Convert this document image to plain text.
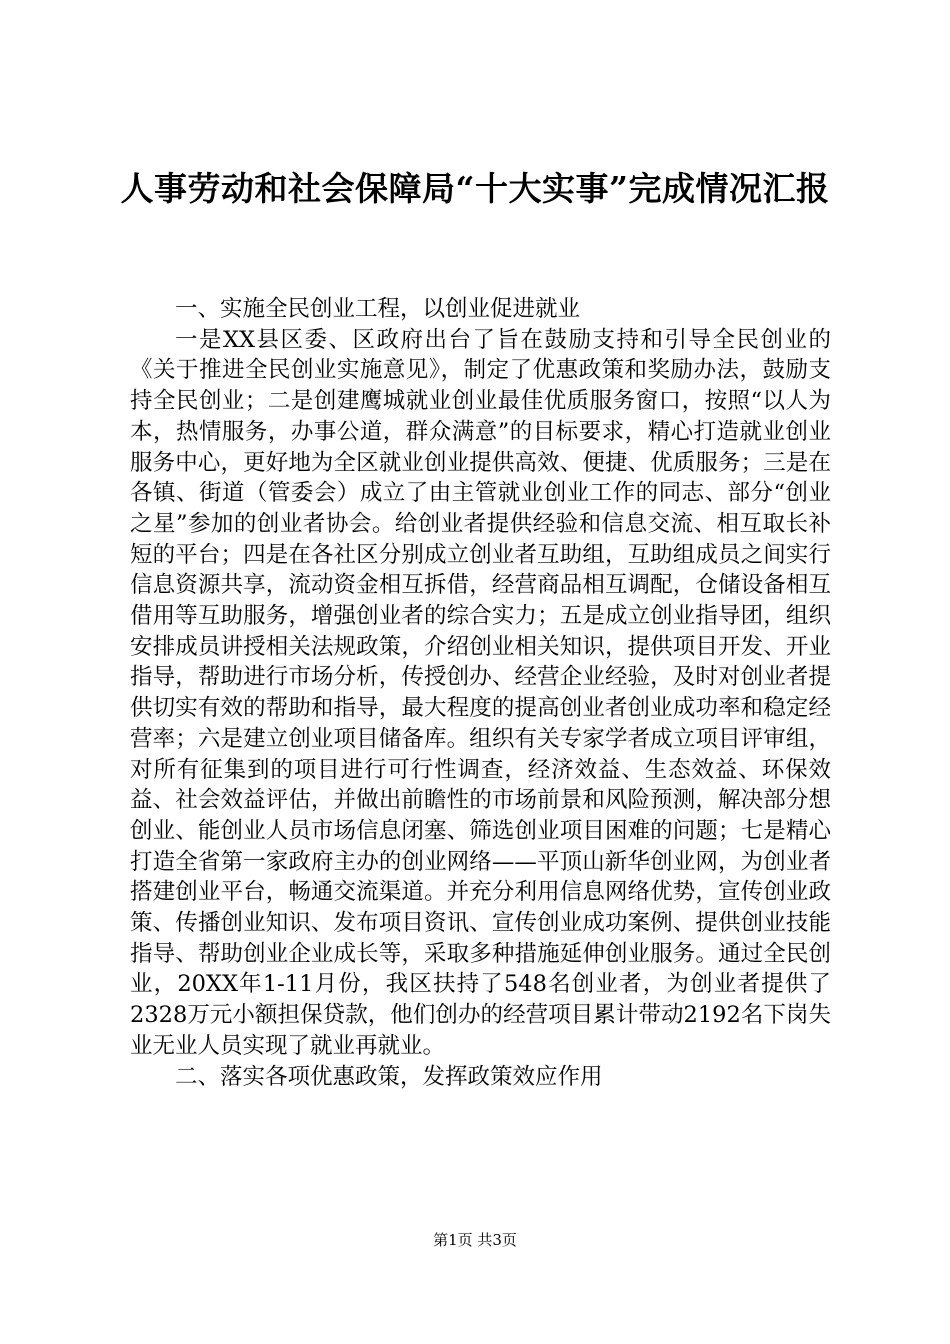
人事劳动和社会保障局“十大实事”完成情况汇报

一、实施全民创业工程，以创业促进就业

一是XX县区委、区政府出台了旨在鼓励支持和引导全民创业的《关于推进全民创业实施意见》，制定了优惠政策和奖励办法，鼓励支持全民创业；二是创建鹰城就业创业最佳优质服务窗口，按照“以人为本，热情服务，办事公道，群众满意”的目标要求，精心打造就业创业服务中心，更好地为全区就业创业提供高效、便捷、优质服务；三是在各镇、街道（管委会）成立了由主管就业创业工作的同志、部分“创业之星”参加的创业者协会。给创业者提供经验和信息交流、相互取长补短的平台；四是在各社区分别成立创业者互助组，互助组成员之间实行信息资源共享，流动资金相互拆借，经营商品相互调配，仓储设备相互借用等互助服务，增强创业者的综合实力；五是成立创业指导团，组织安排成员讲授相关法规政策，介绍创业相关知识，提供项目开发、开业指导，帮助进行市场分析，传授创办、经营企业经验，及时对创业者提供切实有效的帮助和指导，最大程度的提高创业者创业成功率和稳定经营率；六是建立创业项目储备库。组织有关专家学者成立项目评审组，对所有征集到的项目进行可行性调查，经济效益、生态效益、环保效益、社会效益评估，并做出前瞻性的市场前景和风险预测，解决部分想创业、能创业人员市场信息闭塞、筛选创业项目困难的问题；七是精心打造全省第一家政府主办的创业网络——平顶山新华创业网，为创业者搭建创业平台，畅通交流渠道。并充分利用信息网络优势，宣传创业政策、传播创业知识、发布项目资讯、宣传创业成功案例、提供创业技能指导、帮助创业企业成长等，采取多种措施延伸创业服务。通过全民创业，20XX年1-11月份，我区扶持了548名创业者，为创业者提供了2328万元小额担保贷款，他们创办的经营项目累计带动2192名下岗失业无业人员实现了就业再就业。

二、落实各项优惠政策，发挥政策效应作用

第1页 共3页
